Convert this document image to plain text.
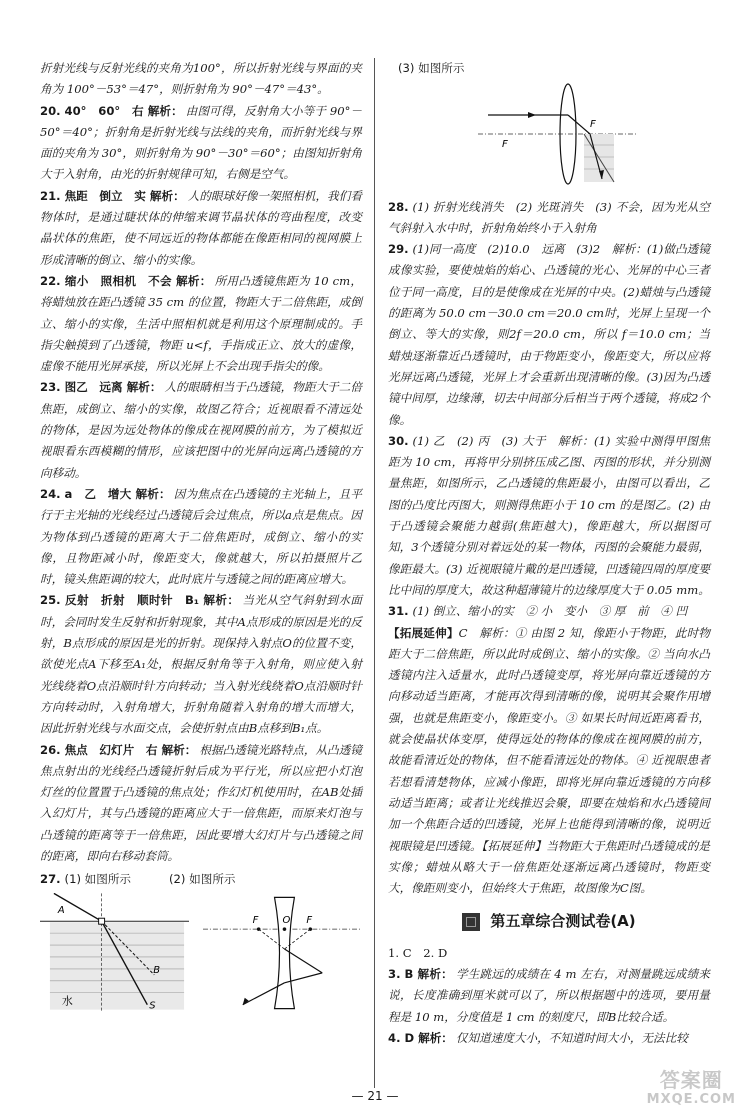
折射光线与反射光线的夹角为100°，所以折射光线与界面的夹角为 100°－53°＝47°，则折射角为 90°－47°＝43°。

20. 40°　60°　右 解析： 由图可得，反射角大小等于 90°－50°＝40°；折射角是折射光线与法线的夹角，而折射光线与界面的夹角为 30°，则折射角为 90°－30°＝60°；由图知折射角大于入射角，由光的折射规律可知，右侧是空气。

21. 焦距　倒立　实 解析： 人的眼球好像一架照相机，我们看物体时，是通过睫状体的伸缩来调节晶状体的弯曲程度，改变晶状体的焦距，使不同远近的物体都能在像距相同的视网膜上形成清晰的倒立、缩小的实像。

22. 缩小　照相机　不会 解析： 所用凸透镜焦距为 10 cm，将蜡烛放在距凸透镜 35 cm 的位置，物距大于二倍焦距，成倒立、缩小的实像，生活中照相机就是利用这个原理制成的。手指尖触摸到了凸透镜，物距 u<f，手指成正立、放大的虚像，虚像不能用光屏承接，所以光屏上不会出现手指尖的像。

23. 图乙　远离 解析： 人的眼睛相当于凸透镜，物距大于二倍焦距，成倒立、缩小的实像，故图乙符合；近视眼看不清远处的物体，是因为远处物体的像成在视网膜的前方，为了模拟近视眼看东西模糊的情形，应该把图中的光屏向远离凸透镜的方向移动。

24. a　乙　增大 解析： 因为焦点在凸透镜的主光轴上，且平行于主光轴的光线经过凸透镜后会过焦点，所以a点是焦点。因为物体到凸透镜的距离大于二倍焦距时，成倒立、缩小的实像，且物距减小时，像距变大，像就越大，所以拍摄照片乙时，镜头焦距调的较大，此时底片与透镜之间的距离应增大。

25. 反射　折射　顺时针　B₁ 解析： 当光从空气斜射到水面时，会同时发生反射和折射现象，其中A点形成的原因是光的反射，B点形成的原因是光的折射。现保持入射点O的位置不变，欲使光点A下移至A₁处，根据反射角等于入射角，则应使入射光线绕着O点沿顺时针方向转动；当入射光线绕着O点沿顺时针方向转动时，入射角增大，折射角随着入射角的增大而增大，因此折射光线与水面交点，会使折射点由B点移到B₁点。

26. 焦点　幻灯片　右 解析： 根据凸透镜光路特点，从凸透镜焦点射出的光线经凸透镜折射后成为平行光，所以应把小灯泡灯丝的位置置于凸透镜的焦点处；作幻灯机使用时，在AB处插入幻灯片，其与凸透镜的距离应大于一倍焦距，而原来灯泡与凸透镜的距离等于一倍焦距，因此要增大幻灯片与凸透镜之间的距离，即向右移动套筒。

27. (1) 如图所示	(2) 如图所示
A
B
S
水
F O F
(3) 如图所示
F
F

28. (1) 折射光线消失　(2) 光斑消失　(3) 不会，因为光从空气斜射入水中时，折射角始终小于入射角

29. (1)同一高度　(2)10.0　远离　(3)2　解析：(1)做凸透镜成像实验，要使烛焰的焰心、凸透镜的光心、光屏的中心三者位于同一高度，目的是使像成在光屏的中央。(2)蜡烛与凸透镜的距离为 50.0 cm－30.0 cm＝20.0 cm时，光屏上呈现一个倒立、等大的实像，则2f＝20.0 cm，所以 f＝10.0 cm；当蜡烛逐渐靠近凸透镜时，由于物距变小，像距变大，所以应将光屏远离凸透镜，光屏上才会重新出现清晰的像。(3)因为凸透镜中间厚，边缘薄，切去中间部分后相当于两个透镜，将成2个像。

30. (1) 乙　(2) 丙　(3) 大于　解析：(1) 实验中测得甲图焦距为 10 cm，再将甲分别挤压成乙图、丙图的形状，并分别测量焦距，如图所示，乙凸透镜的焦距最小，由图可以看出，乙图的凸度比丙图大，则测得焦距小于 10 cm 的是图乙。(2) 由于凸透镜会聚能力越弱(焦距越大)，像距越大，所以据图可知，3个透镜分别对着远处的某一物体，丙图的会聚能力最弱，像距最大。(3) 近视眼镜片戴的是凹透镜，凹透镜四周的厚度要比中间的厚度大，故这种超薄镜片的边缘厚度大于 0.05 mm。

31. (1) 倒立、缩小的实　② 小　变小　③ 厚　前　④ 凹
【拓展延伸】C　解析：① 由图 2 知，像距小于物距，此时物距大于二倍焦距，所以此时成倒立、缩小的实像。② 当向水凸透镜内注入适量水，此时凸透镜变厚，将光屏向靠近透镜的方向移动适当距离，才能再次得到清晰的像，说明其会聚作用增强，也就是焦距变小，像距变小。③ 如果长时间近距离看书，就会使晶状体变厚，使得远处的物体的像成在视网膜的前方，故能看清近处的物体，但不能看清远处的物体。④ 近视眼患者若想看清楚物体，应减小像距，即将光屏向靠近透镜的方向移动适当距离；或者让光线推迟会聚，即要在烛焰和水凸透镜间加一个焦距合适的凹透镜，光屏上也能得到清晰的像，说明近视眼镜是凹透镜。【拓展延伸】当物距大于焦距时凸透镜成的是实像；蜡烛从略大于一倍焦距处逐渐远离凸透镜时，物距变大，像距则变小，但始终大于焦距，故图像为C图。

第五章综合测试卷(A)

1. C　2. D

3. B 解析： 学生跳远的成绩在 4 m 左右，对测量跳远成绩来说，长度准确到厘米就可以了，所以根据题中的选项，要用量程是 10 m，分度值是 1 cm 的刻度尺，即B比较合适。

4. D 解析： 仅知道速度大小，不知道时间大小，无法比较

— 21 —
答案圈
MXQE.COM
